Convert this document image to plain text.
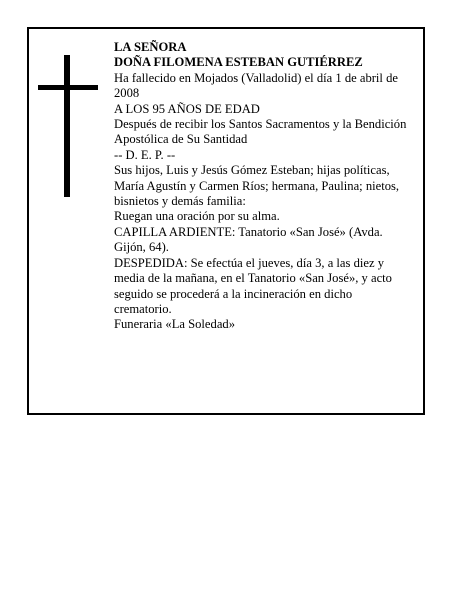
LA SEÑORA

DOÑA FILOMENA ESTEBAN GUTIÉRREZ

Ha fallecido en Mojados (Valladolid) el día 1 de abril de 2008

A LOS 95 AÑOS DE EDAD

Después de recibir los Santos Sacramentos y la Bendición Apostólica de Su Santidad

-- D. E. P. --

Sus hijos, Luis y Jesús Gómez Esteban; hijas políticas, María Agustín y Carmen Ríos; hermana, Paulina; nietos, bisnietos y demás familia:

Ruegan una oración por su alma.

CAPILLA ARDIENTE: Tanatorio «San José» (Avda. Gijón, 64).

DESPEDIDA: Se efectúa el jueves, día 3, a las diez y media de la mañana, en el Tanatorio «San José», y acto seguido se procederá a la incineración en dicho crematorio.

Funeraria «La Soledad»
